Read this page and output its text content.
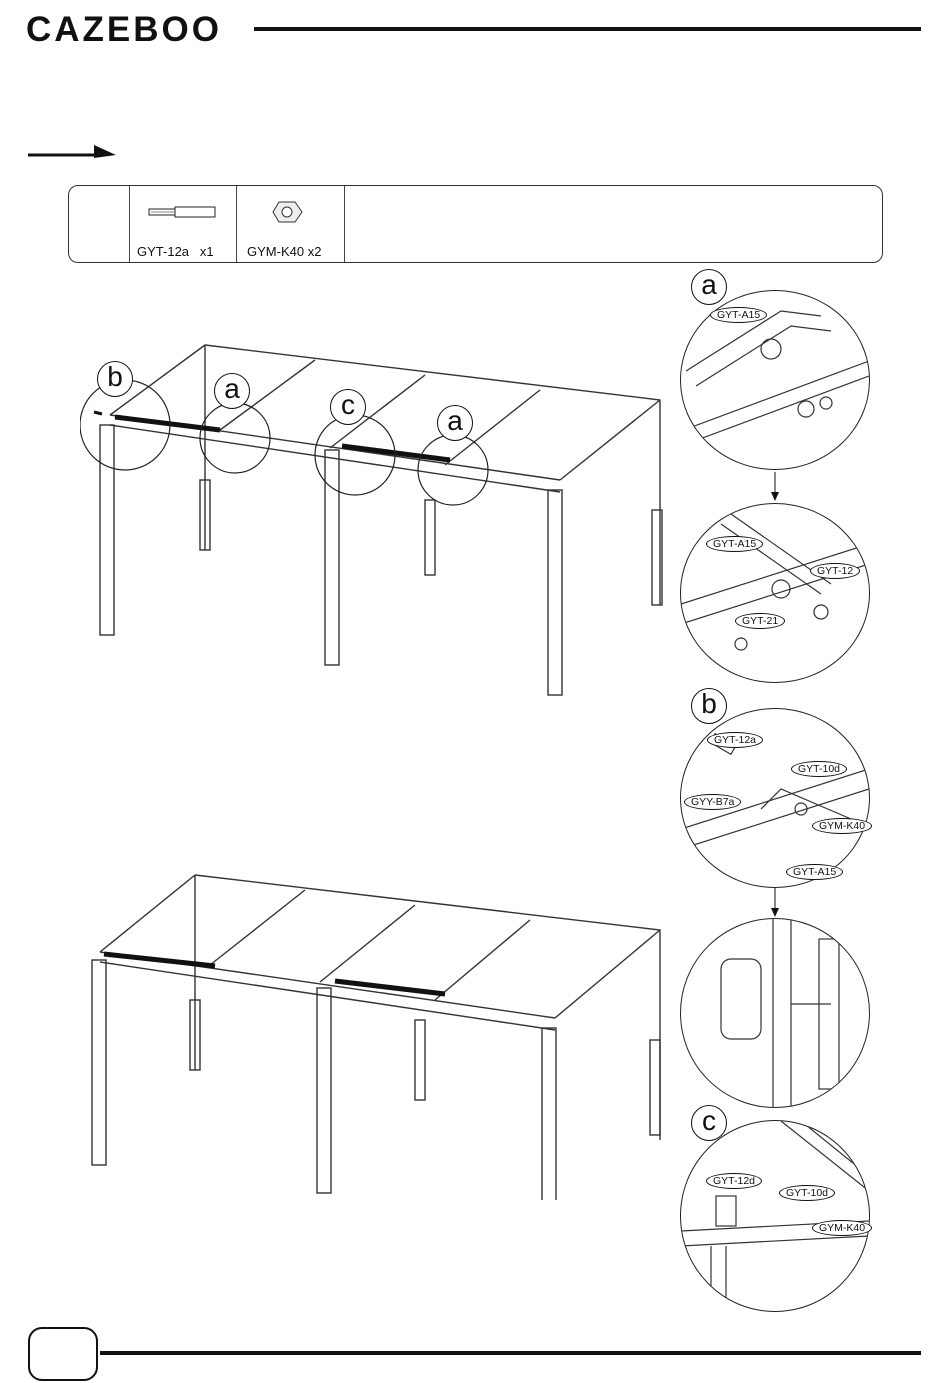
CAZEBOO
GYT-12a x1	GYM-K40 x2
b	a
c
a
a
GYT-A15
GYT-A15
GYT-12
GYT-21
b
GYT-12a
GYT-10d
GYY-B7a
GYM-K40
GYT-A15
c
GYT-12d
GYT-10d
GYM-K40
